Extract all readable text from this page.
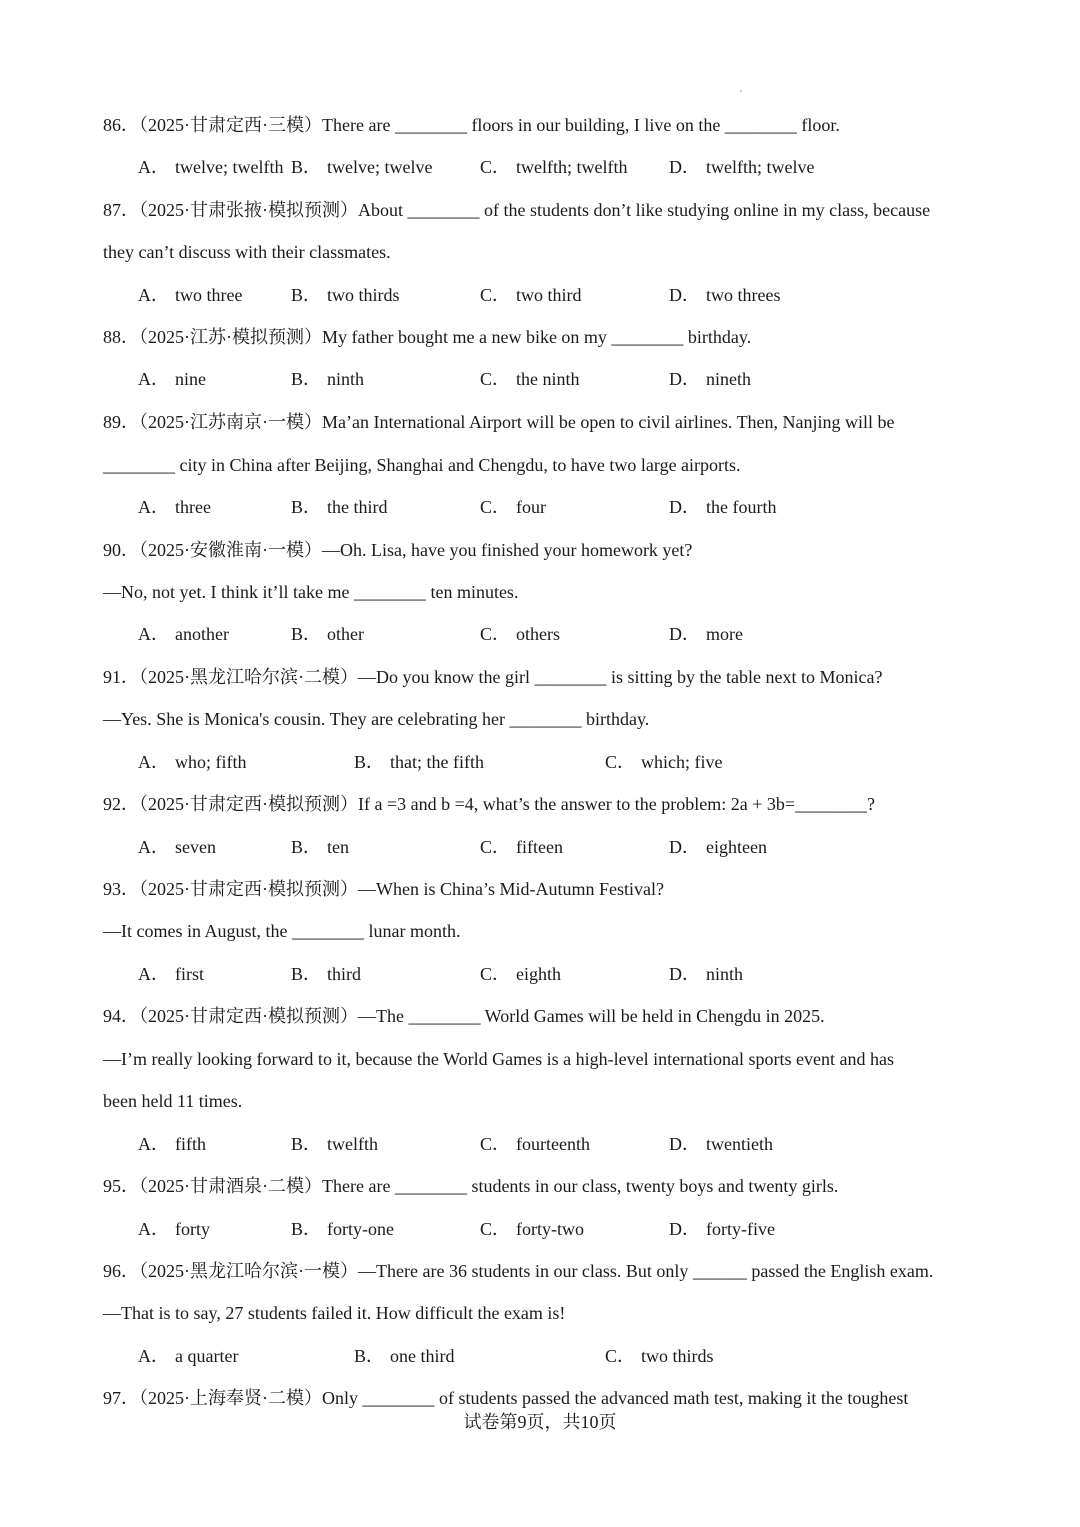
86．（2025·甘肃定西·三模）There are ________ floors in our building, I live on the ________ floor.
A． twelve; twelfth B． twelve; twelve	C． twelfth; twelfth D． twelfth; twelve
87．（2025·甘肃张掖·模拟预测）About ________ of the students don’t like studying online in my class, because
they can’t discuss with their classmates.
A． two three	B． two thirds	C． two third	D． two threes
88．（2025·江苏·模拟预测）My father bought me a new bike on my ________ birthday.
A． nine	B． ninth	C． the ninth	D． nineth
89．（2025·江苏南京·一模）Ma’an International Airport will be open to civil airlines. Then, Nanjing will be
________ city in China after Beijing, Shanghai and Chengdu, to have two large airports.
A． three	B． the third	C． four	D． the fourth
90．（2025·安徽淮南·一模）—Oh. Lisa, have you finished your homework yet?
—No, not yet. I think it’ll take me ________ ten minutes.
A． another	B． other	C． others	D． more
91．（2025·黑龙江哈尔滨·二模）—Do you know the girl ________ is sitting by the table next to Monica?
—Yes. She is Monica's cousin. They are celebrating her ________ birthday.
A． who; fifth	B． that; the fifth	C． which; five
92．（2025·甘肃定西·模拟预测）If a =3 and b =4, what’s the answer to the problem: 2a + 3b=________?
A． seven	B． ten	C． fifteen	D． eighteen
93．（2025·甘肃定西·模拟预测）—When is China’s Mid-Autumn Festival?
—It comes in August, the ________ lunar month.
A． first	B． third	C． eighth	D． ninth
94．（2025·甘肃定西·模拟预测）—The ________ World Games will be held in Chengdu in 2025.
—I’m really looking forward to it, because the World Games is a high-level international sports event and has
been held 11 times.
A． fifth	B． twelfth	C． fourteenth	D． twentieth
95．（2025·甘肃酒泉·二模）There are ________ students in our class, twenty boys and twenty girls.
A． forty	B． forty-one	C． forty-two	D． forty-five
96．（2025·黑龙江哈尔滨·一模）—There are 36 students in our class. But only ______ passed the English exam.
—That is to say, 27 students failed it. How difficult the exam is!
A． a quarter	B． one third	C． two thirds
97．（2025·上海奉贤·二模）Only ________ of students passed the advanced math test, making it the toughest
试卷第9页，共10页
